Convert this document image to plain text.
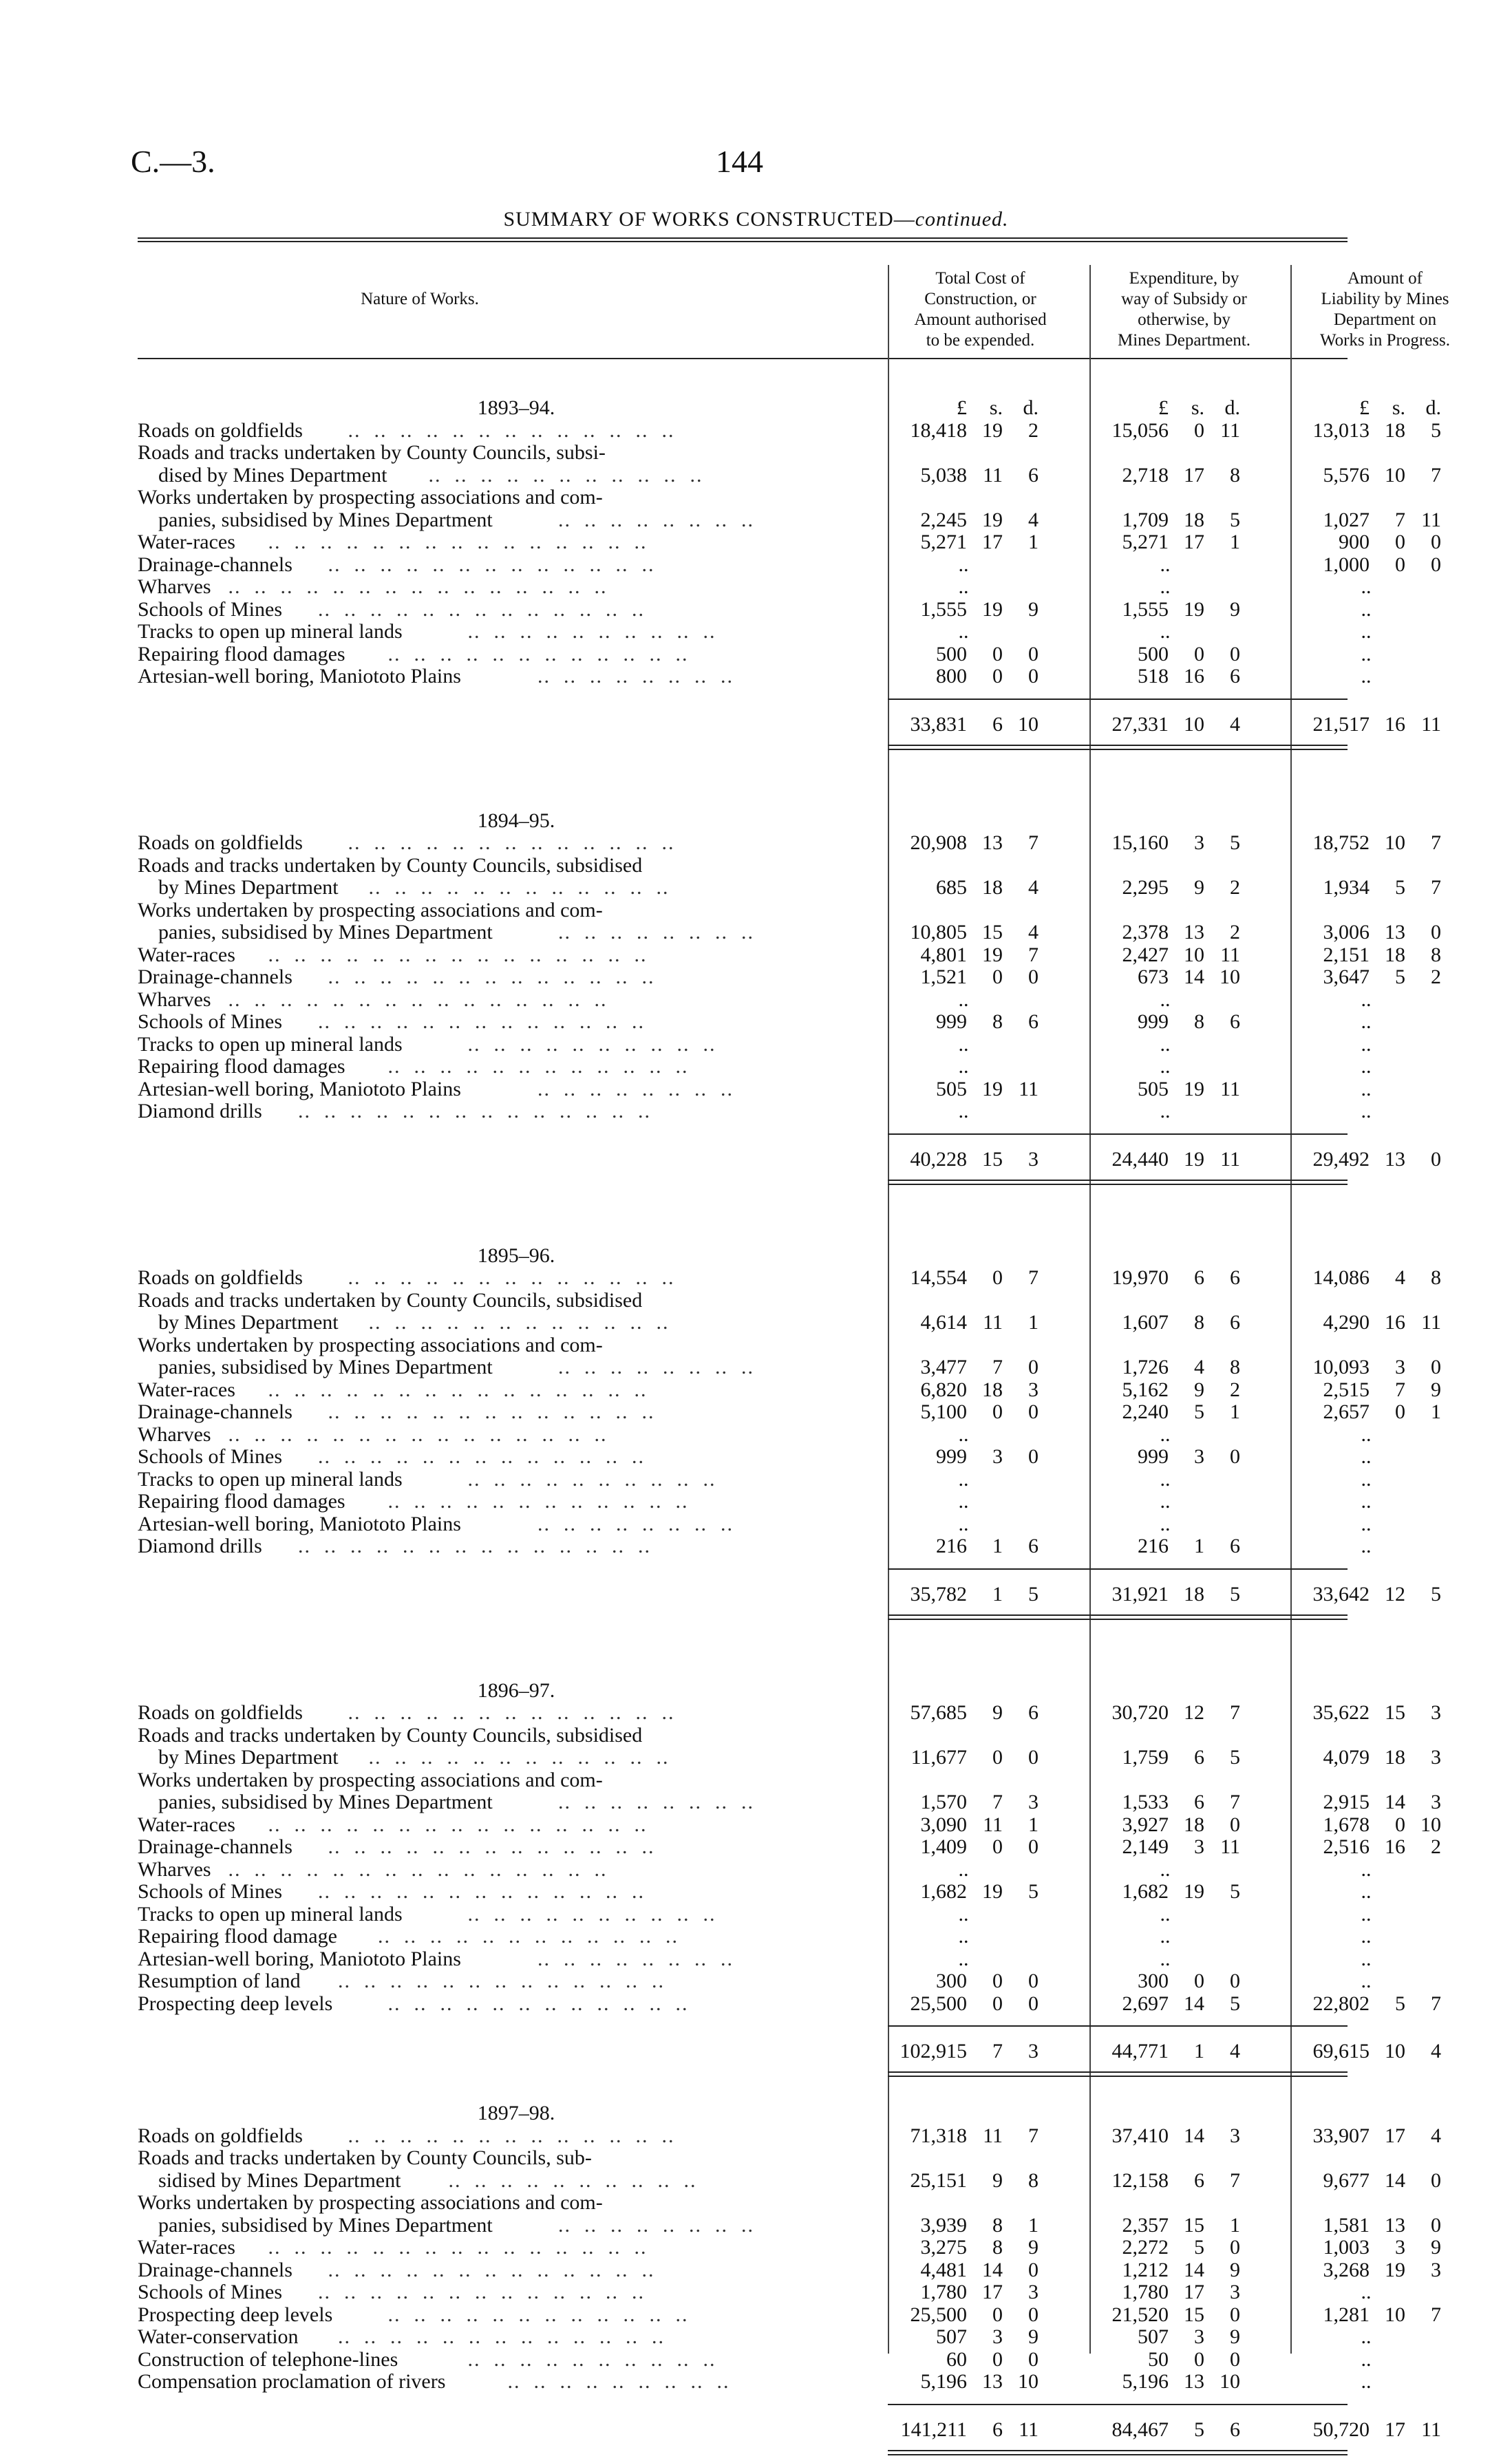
C.—3.	144
SUMMARY OF WORKS CONSTRUCTED—continued.
Nature of Works.
Total Cost of
Construction, or
Amount authorised
to be expended.
Expenditure, by
way of Subsidy or
otherwise, by
Mines Department.
Amount of
Liability by Mines
Department on
Works in Progress.
£ s. d.	£ s. d.	£ s. d.
1893–94.
Roads on goldfields ..  ..  ..  ..  ..  ..  ..  ..  ..  ..  ..  ..  ..	18,418 19 2	15,056 0 11	13,013 18 5
Roads and tracks undertaken by County Councils, subsi-
dised by Mines Department ..  ..  ..  ..  ..  ..  ..  ..  ..  ..  ..	5,038 11 6	2,718 17 8	5,576 10 7
Works undertaken by prospecting associations and com-
panies, subsidised by Mines Department	..  ..  ..  ..  ..  ..  ..  ..	2,245 19 4	1,709 18 5	1,027 7 11
Water-races ..  ..  ..  ..  ..  ..  ..  ..  ..  ..  ..  ..  ..  ..  ..	5,271 17 1	5,271 17 1	900 0 0
Drainage-channels ..  ..  ..  ..  ..  ..  ..  ..  ..  ..  ..  ..  ..	..	..	1,000 0 0
Wharves ..  ..  ..  ..  ..  ..  ..  ..  ..  ..  ..  ..  ..  ..  ..	..	..	..
Schools of Mines ..  ..  ..  ..  ..  ..  ..  ..  ..  ..  ..  ..  ..	1,555 19 9	1,555 19 9	..
Tracks to open up mineral lands	..  ..  ..  ..  ..  ..  ..  ..  ..  ..	..	..	..
Repairing flood damages ..  ..  ..  ..  ..  ..  ..  ..  ..  ..  ..  ..	500 0 0	500 0 0	..
Artesian-well boring, Maniototo Plains	..  ..  ..  ..  ..  ..  ..  ..	800 0 0	518 16 6	..
33,831 6 10	27,331 10 4	21,517 16 11
1894–95.
Roads on goldfields ..  ..  ..  ..  ..  ..  ..  ..  ..  ..  ..  ..  ..	20,908 13 7	15,160 3 5	18,752 10 7
Roads and tracks undertaken by County Councils, subsidised
by Mines Department ..  ..  ..  ..  ..  ..  ..  ..  ..  ..  ..  ..	685 18 4	2,295 9 2	1,934 5 7
Works undertaken by prospecting associations and com-
panies, subsidised by Mines Department	..  ..  ..  ..  ..  ..  ..  ..	10,805 15 4	2,378 13 2	3,006 13 0
Water-races ..  ..  ..  ..  ..  ..  ..  ..  ..  ..  ..  ..  ..  ..  ..	4,801 19 7	2,427 10 11	2,151 18 8
Drainage-channels ..  ..  ..  ..  ..  ..  ..  ..  ..  ..  ..  ..  ..	1,521 0 0	673 14 10	3,647 5 2
Wharves ..  ..  ..  ..  ..  ..  ..  ..  ..  ..  ..  ..  ..  ..  ..	..	..	..
Schools of Mines ..  ..  ..  ..  ..  ..  ..  ..  ..  ..  ..  ..  ..	999 8 6	999 8 6	..
Tracks to open up mineral lands	..  ..  ..  ..  ..  ..  ..  ..  ..  ..	..	..	..
Repairing flood damages ..  ..  ..  ..  ..  ..  ..  ..  ..  ..  ..  ..	..	..	..
Artesian-well boring, Maniototo Plains	..  ..  ..  ..  ..  ..  ..  ..	505 19 11	505 19 11	..
Diamond drills ..  ..  ..  ..  ..  ..  ..  ..  ..  ..  ..  ..  ..  ..	..	..	..
40,228 15 3	24,440 19 11	29,492 13 0
1895–96.
Roads on goldfields ..  ..  ..  ..  ..  ..  ..  ..  ..  ..  ..  ..  ..	14,554 0 7	19,970 6 6	14,086 4 8
Roads and tracks undertaken by County Councils, subsidised
by Mines Department ..  ..  ..  ..  ..  ..  ..  ..  ..  ..  ..  ..	4,614 11 1	1,607 8 6	4,290 16 11
Works undertaken by prospecting associations and com-
panies, subsidised by Mines Department	..  ..  ..  ..  ..  ..  ..  ..	3,477 7 0	1,726 4 8	10,093 3 0
Water-races ..  ..  ..  ..  ..  ..  ..  ..  ..  ..  ..  ..  ..  ..  ..	6,820 18 3	5,162 9 2	2,515 7 9
Drainage-channels ..  ..  ..  ..  ..  ..  ..  ..  ..  ..  ..  ..  ..	5,100 0 0	2,240 5 1	2,657 0 1
Wharves ..  ..  ..  ..  ..  ..  ..  ..  ..  ..  ..  ..  ..  ..  ..	..	..	..
Schools of Mines ..  ..  ..  ..  ..  ..  ..  ..  ..  ..  ..  ..  ..	999 3 0	999 3 0	..
Tracks to open up mineral lands	..  ..  ..  ..  ..  ..  ..  ..  ..  ..	..	..	..
Repairing flood damages ..  ..  ..  ..  ..  ..  ..  ..  ..  ..  ..  ..	..	..	..
Artesian-well boring, Maniototo Plains	..  ..  ..  ..  ..  ..  ..  ..	..	..	..
Diamond drills ..  ..  ..  ..  ..  ..  ..  ..  ..  ..  ..  ..  ..  ..	216 1 6	216 1 6	..
35,782 1 5	31,921 18 5	33,642 12 5
1896–97.
Roads on goldfields ..  ..  ..  ..  ..  ..  ..  ..  ..  ..  ..  ..  ..	57,685 9 6	30,720 12 7	35,622 15 3
Roads and tracks undertaken by County Councils, subsidised
by Mines Department ..  ..  ..  ..  ..  ..  ..  ..  ..  ..  ..  ..	11,677 0 0	1,759 6 5	4,079 18 3
Works undertaken by prospecting associations and com-
panies, subsidised by Mines Department	..  ..  ..  ..  ..  ..  ..  ..	1,570 7 3	1,533 6 7	2,915 14 3
Water-races ..  ..  ..  ..  ..  ..  ..  ..  ..  ..  ..  ..  ..  ..  ..	3,090 11 1	3,927 18 0	1,678 0 10
Drainage-channels ..  ..  ..  ..  ..  ..  ..  ..  ..  ..  ..  ..  ..	1,409 0 0	2,149 3 11	2,516 16 2
Wharves ..  ..  ..  ..  ..  ..  ..  ..  ..  ..  ..  ..  ..  ..  ..	..	..	..
Schools of Mines ..  ..  ..  ..  ..  ..  ..  ..  ..  ..  ..  ..  ..	1,682 19 5	1,682 19 5	..
Tracks to open up mineral lands	..  ..  ..  ..  ..  ..  ..  ..  ..  ..	..	..	..
Repairing flood damage ..  ..  ..  ..  ..  ..  ..  ..  ..  ..  ..  ..	..	..	..
Artesian-well boring, Maniototo Plains	..  ..  ..  ..  ..  ..  ..  ..	..	..	..
Resumption of land ..  ..  ..  ..  ..  ..  ..  ..  ..  ..  ..  ..  ..	300 0 0	300 0 0	..
Prospecting deep levels	..  ..  ..  ..  ..  ..  ..  ..  ..  ..  ..  ..	25,500 0 0	2,697 14 5	22,802 5 7
102,915 7 3	44,771 1 4	69,615 10 4
1897–98.
Roads on goldfields ..  ..  ..  ..  ..  ..  ..  ..  ..  ..  ..  ..  ..	71,318 11 7	37,410 14 3	33,907 17 4
Roads and tracks undertaken by County Councils, sub-
sidised by Mines Department ..  ..  ..  ..  ..  ..  ..  ..  ..  ..	25,151 9 8	12,158 6 7	9,677 14 0
Works undertaken by prospecting associations and com-
panies, subsidised by Mines Department	..  ..  ..  ..  ..  ..  ..  ..	3,939 8 1	2,357 15 1	1,581 13 0
Water-races ..  ..  ..  ..  ..  ..  ..  ..  ..  ..  ..  ..  ..  ..  ..	3,275 8 9	2,272 5 0	1,003 3 9
Drainage-channels ..  ..  ..  ..  ..  ..  ..  ..  ..  ..  ..  ..  ..	4,481 14 0	1,212 14 9	3,268 19 3
Schools of Mines ..  ..  ..  ..  ..  ..  ..  ..  ..  ..  ..  ..  ..	1,780 17 3	1,780 17 3	..
Prospecting deep levels	..  ..  ..  ..  ..  ..  ..  ..  ..  ..  ..  ..	25,500 0 0	21,520 15 0	1,281 10 7
Water-conservation ..  ..  ..  ..  ..  ..  ..  ..  ..  ..  ..  ..  ..	507 3 9	507 3 9	..
Construction of telephone-lines	..  ..  ..  ..  ..  ..  ..  ..  ..  ..	60 0 0	50 0 0	..
Compensation proclamation of rivers	..  ..  ..  ..  ..  ..  ..  ..  ..	5,196 13 10	5,196 13 10	..
141,211 6 11	84,467 5 6	50,720 17 11
